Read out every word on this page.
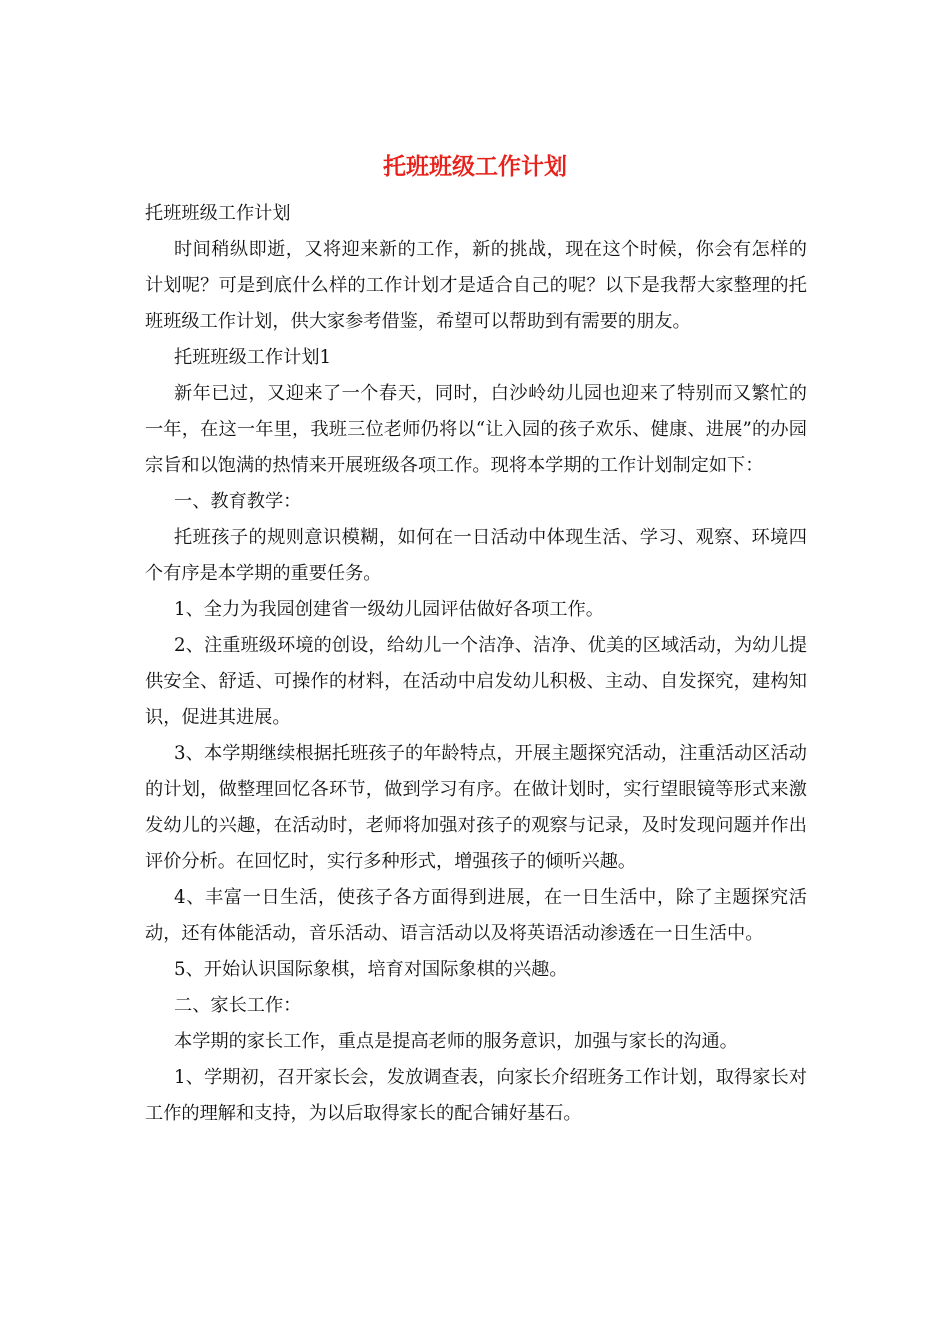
托班班级工作计划

托班班级工作计划

时间稍纵即逝，又将迎来新的工作，新的挑战，现在这个时候，你会有怎样的计划呢？可是到底什么样的工作计划才是适合自己的呢？以下是我帮大家整理的托班班级工作计划，供大家参考借鉴，希望可以帮助到有需要的朋友。

托班班级工作计划1

新年已过，又迎来了一个春天，同时，白沙岭幼儿园也迎来了特别而又繁忙的一年，在这一年里，我班三位老师仍将以“让入园的孩子欢乐、健康、进展”的办园宗旨和以饱满的热情来开展班级各项工作。现将本学期的工作计划制定如下：

一、教育教学：

托班孩子的规则意识模糊，如何在一日活动中体现生活、学习、观察、环境四个有序是本学期的重要任务。

1、全力为我园创建省一级幼儿园评估做好各项工作。

2、注重班级环境的创设，给幼儿一个洁净、洁净、优美的区域活动，为幼儿提供安全、舒适、可操作的材料，在活动中启发幼儿积极、主动、自发探究，建构知识，促进其进展。

3、本学期继续根据托班孩子的年龄特点，开展主题探究活动，注重活动区活动的计划，做整理回忆各环节，做到学习有序。在做计划时，实行望眼镜等形式来激发幼儿的兴趣，在活动时，老师将加强对孩子的观察与记录，及时发现问题并作出评价分析。在回忆时，实行多种形式，增强孩子的倾听兴趣。

4、丰富一日生活，使孩子各方面得到进展，在一日生活中，除了主题探究活动，还有体能活动，音乐活动、语言活动以及将英语活动渗透在一日生活中。

5、开始认识国际象棋，培育对国际象棋的兴趣。

二、家长工作：

本学期的家长工作，重点是提高老师的服务意识，加强与家长的沟通。

1、学期初，召开家长会，发放调查表，向家长介绍班务工作计划，取得家长对工作的理解和支持，为以后取得家长的配合铺好基石。
